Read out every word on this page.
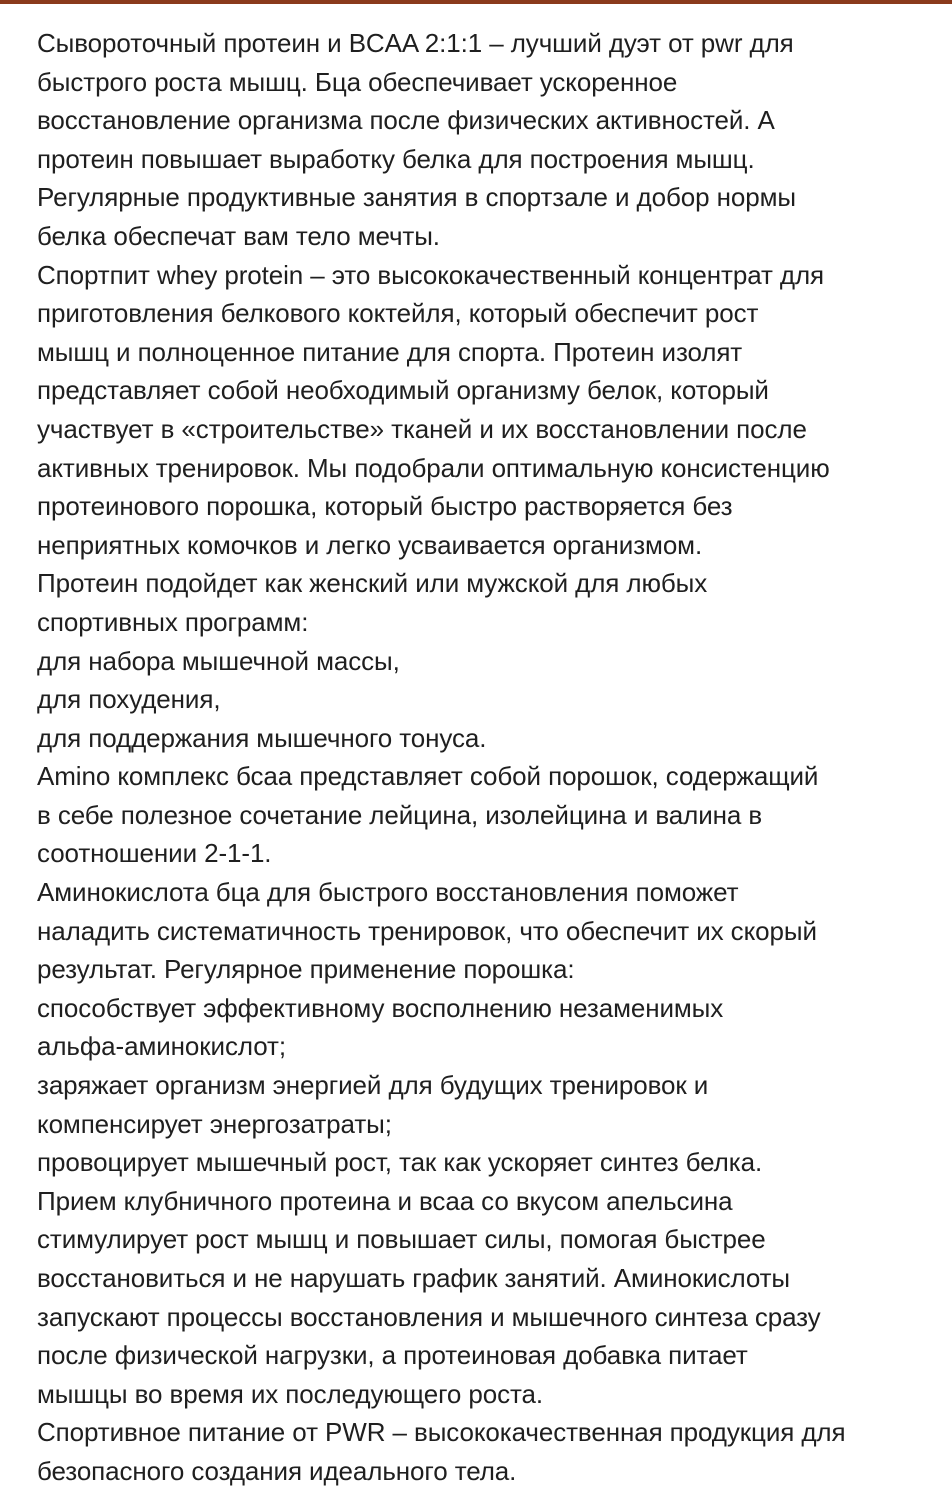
Сывороточный протеин и BCAA 2:1:1 – лучший дуэт от pwr для
быстрого роста мышц. Бца обеспечивает ускоренное
восстановление организма после физических активностей. А
протеин повышает выработку белка для построения мышц.
Регулярные продуктивные занятия в спортзале и добор нормы
белка обеспечат вам тело мечты.
Спортпит whey protein – это высококачественный концентрат для
приготовления белкового коктейля, который обеспечит рост
мышц и полноценное питание для спорта. Протеин изолят
представляет собой необходимый организму белок, который
участвует в «строительстве» тканей и их восстановлении после
активных тренировок. Мы подобрали оптимальную консистенцию
протеинового порошка, который быстро растворяется без
неприятных комочков и легко усваивается организмом.
Протеин подойдет как женский или мужской для любых
спортивных программ:
для набора мышечной массы,
для похудения,
для поддержания мышечного тонуса.
Amino комплекс бсаа представляет собой порошок, содержащий
в себе полезное сочетание лейцина, изолейцина и валина в
соотношении 2-1-1.
Аминокислота бца для быстрого восстановления поможет
наладить систематичность тренировок, что обеспечит их скорый
результат. Регулярное применение порошка:
способствует эффективному восполнению незаменимых
альфа-аминокислот;
заряжает организм энергией для будущих тренировок и
компенсирует энергозатраты;
провоцирует мышечный рост, так как ускоряет синтез белка.
Прием клубничного протеина и всаа со вкусом апельсина
стимулирует рост мышц и повышает силы, помогая быстрее
восстановиться и не нарушать график занятий. Аминокислоты
запускают процессы восстановления и мышечного синтеза сразу
после физической нагрузки, а протеиновая добавка питает
мышцы во время их последующего роста.
Спортивное питание от PWR – высококачественная продукция для
безопасного создания идеального тела.
